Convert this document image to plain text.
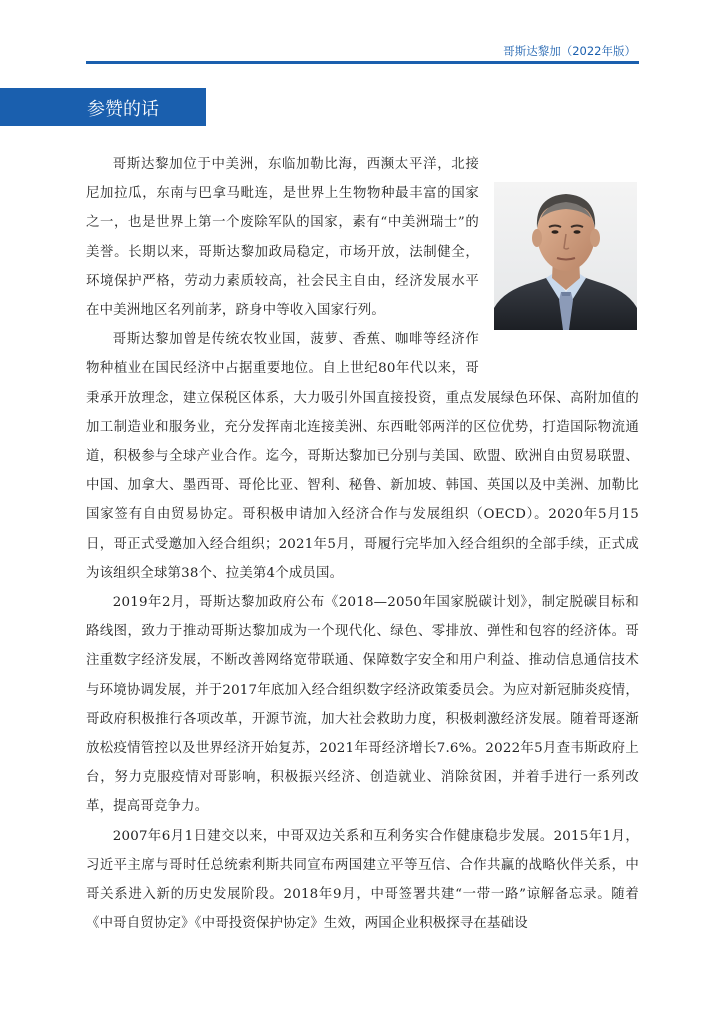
哥斯达黎加（2022年版）
参赞的话

哥斯达黎加位于中美洲，东临加勒比海，西濒太平洋，北接尼加拉瓜，东南与巴拿马毗连，是世界上生物物种最丰富的国家之一，也是世界上第一个废除军队的国家，素有“中美洲瑞士”的美誉。长期以来，哥斯达黎加政局稳定，市场开放，法制健全，环境保护严格，劳动力素质较高，社会民主自由，经济发展水平在中美洲地区名列前茅，跻身中等收入国家行列。

哥斯达黎加曾是传统农牧业国，菠萝、香蕉、咖啡等经济作物种植业在国民经济中占据重要地位。自上世纪80年代以来，哥秉承开放理念，建立保税区体系，大力吸引外国直接投资，重点发展绿色环保、高附加值的加工制造业和服务业，充分发挥南北连接美洲、东西毗邻两洋的区位优势，打造国际物流通道，积极参与全球产业合作。迄今，哥斯达黎加已分别与美国、欧盟、欧洲自由贸易联盟、中国、加拿大、墨西哥、哥伦比亚、智利、秘鲁、新加坡、韩国、英国以及中美洲、加勒比国家签有自由贸易协定。哥积极申请加入经济合作与发展组织（OECD）。2020年5月15日，哥正式受邀加入经合组织；2021年5月，哥履行完毕加入经合组织的全部手续，正式成为该组织全球第38个、拉美第4个成员国。

2019年2月，哥斯达黎加政府公布《2018—2050年国家脱碳计划》，制定脱碳目标和路线图，致力于推动哥斯达黎加成为一个现代化、绿色、零排放、弹性和包容的经济体。哥注重数字经济发展，不断改善网络宽带联通、保障数字安全和用户利益、推动信息通信技术与环境协调发展，并于2017年底加入经合组织数字经济政策委员会。为应对新冠肺炎疫情，哥政府积极推行各项改革，开源节流，加大社会救助力度，积极刺激经济发展。随着哥逐渐放松疫情管控以及世界经济开始复苏，2021年哥经济增长7.6%。2022年5月查韦斯政府上台，努力克服疫情对哥影响，积极振兴经济、创造就业、消除贫困，并着手进行一系列改革，提高哥竞争力。

2007年6月1日建交以来，中哥双边关系和互利务实合作健康稳步发展。2015年1月，习近平主席与哥时任总统索利斯共同宣布两国建立平等互信、合作共赢的战略伙伴关系，中哥关系进入新的历史发展阶段。2018年9月，中哥签署共建“一带一路”谅解备忘录。随着《中哥自贸协定》《中哥投资保护协定》生效，两国企业积极探寻在基础设
